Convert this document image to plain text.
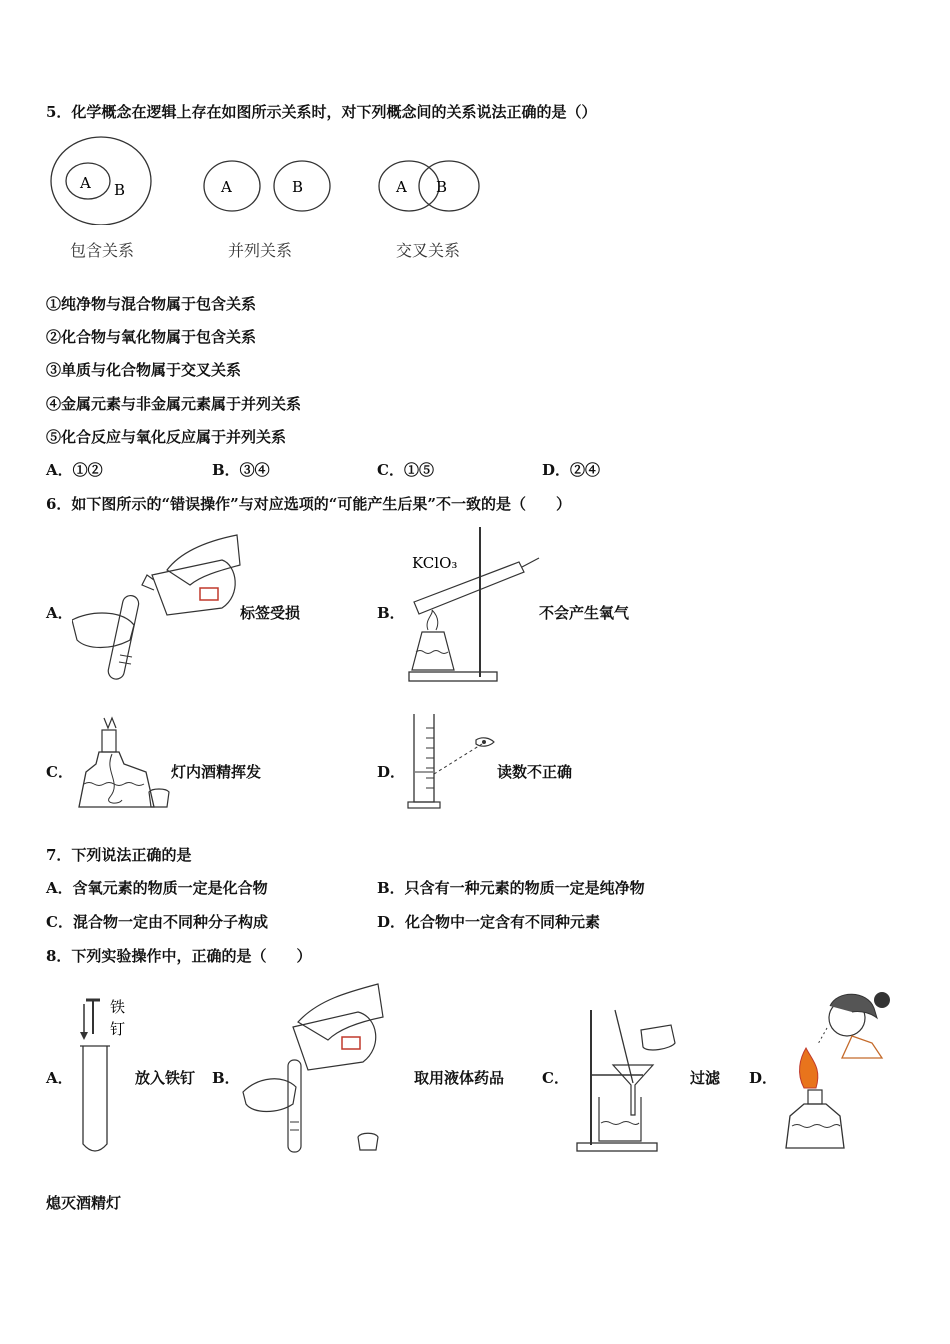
5．化学概念在逻辑上存在如图所示关系时，对下列概念间的关系说法正确的是（）
A B	A	B	A B
包含关系	并列关系	交叉关系
①纯净物与混合物属于包含关系
②化合物与氧化物属于包含关系
③单质与化合物属于交叉关系
④金属元素与非金属元素属于并列关系
⑤化合反应与氧化反应属于并列关系
A．①②	B．③④	C．①⑤	D．②④
6．如下图所示的“错误操作”与对应选项的“可能产生后果”不一致的是（　　）
A．	标签受损	B．
KClO₃
不会产生氧气
C．	灯内酒精挥发	D．	读数不正确
7．下列说法正确的是
A．含氧元素的物质一定是化合物	B．只含有一种元素的物质一定是纯净物
C．混合物一定由不同种分子构成	D．化合物中一定含有不同种元素
8．下列实验操作中，正确的是（　　）
A．
铁
钉
放入铁钉 B．	取用液体药品	C．	过滤 D．
熄灭酒精灯
